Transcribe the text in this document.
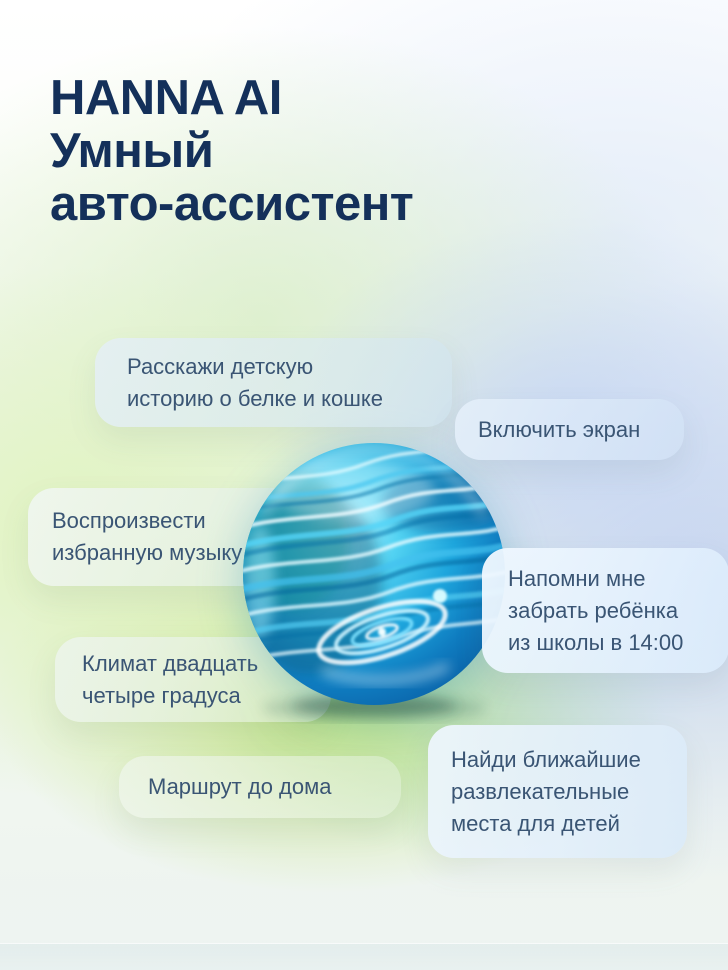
HANNA AI

Умный

авто-ассистент

Расскажи детскую
историю о белке и кошке
Включить экран
Воспроизвести
избранную музыку
Напомни мне
забрать ребёнка
из школы в 14:00
Климат двадцать
четыре градуса
Маршрут до дома
Найди ближайшие
развлекательные
места для детей
